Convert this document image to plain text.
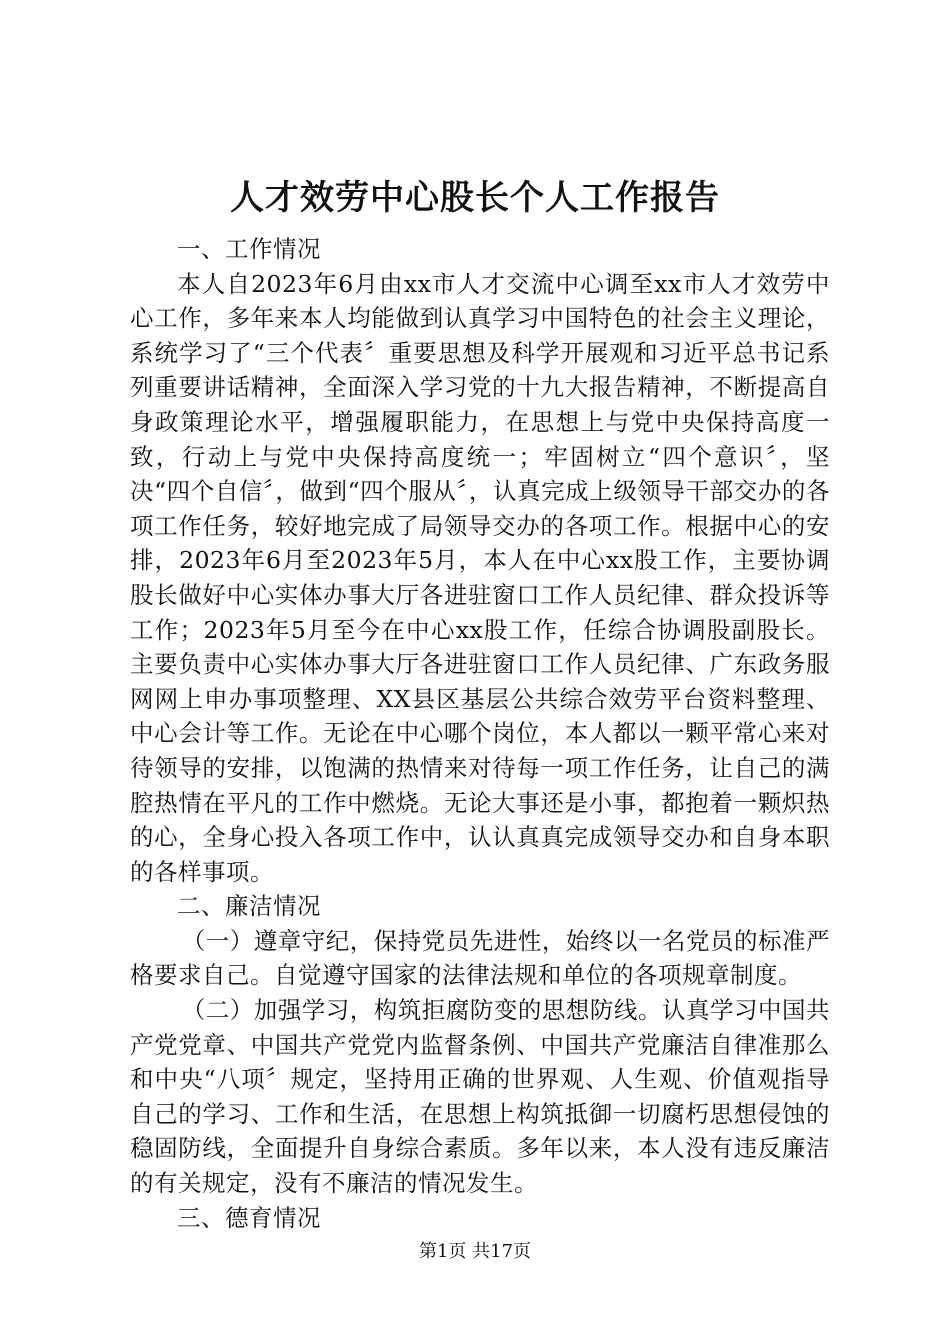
人才效劳中心股长个人工作报告

一、工作情况

本人自2023年6月由xx市人才交流中心调至xx市人才效劳中心工作，多年来本人均能做到认真学习中国特色的社会主义理论，系统学习了“三个代表〞重要思想及科学开展观和习近平总书记系列重要讲话精神，全面深入学习党的十九大报告精神，不断提高自身政策理论水平，增强履职能力，在思想上与党中央保持高度一致，行动上与党中央保持高度统一；牢固树立“四个意识〞，坚决“四个自信〞，做到“四个服从〞，认真完成上级领导干部交办的各项工作任务，较好地完成了局领导交办的各项工作。根据中心的安排，2023年6月至2023年5月，本人在中心xx股工作，主要协调股长做好中心实体办事大厅各进驻窗口工作人员纪律、群众投诉等工作；2023年5月至今在中心xx股工作，任综合协调股副股长。主要负责中心实体办事大厅各进驻窗口工作人员纪律、广东政务服网网上申办事项整理、XX县区基层公共综合效劳平台资料整理、中心会计等工作。无论在中心哪个岗位，本人都以一颗平常心来对待领导的安排，以饱满的热情来对待每一项工作任务，让自己的满腔热情在平凡的工作中燃烧。无论大事还是小事，都抱着一颗炽热的心，全身心投入各项工作中，认认真真完成领导交办和自身本职的各样事项。

二、廉洁情况

（一）遵章守纪，保持党员先进性，始终以一名党员的标准严格要求自己。自觉遵守国家的法律法规和单位的各项规章制度。

（二）加强学习，构筑拒腐防变的思想防线。认真学习中国共产党党章、中国共产党党内监督条例、中国共产党廉洁自律准那么和中央“八项〞规定，坚持用正确的世界观、人生观、价值观指导自己的学习、工作和生活，在思想上构筑抵御一切腐朽思想侵蚀的稳固防线，全面提升自身综合素质。多年以来，本人没有违反廉洁的有关规定，没有不廉洁的情况发生。

三、德育情况

第1页 共17页
